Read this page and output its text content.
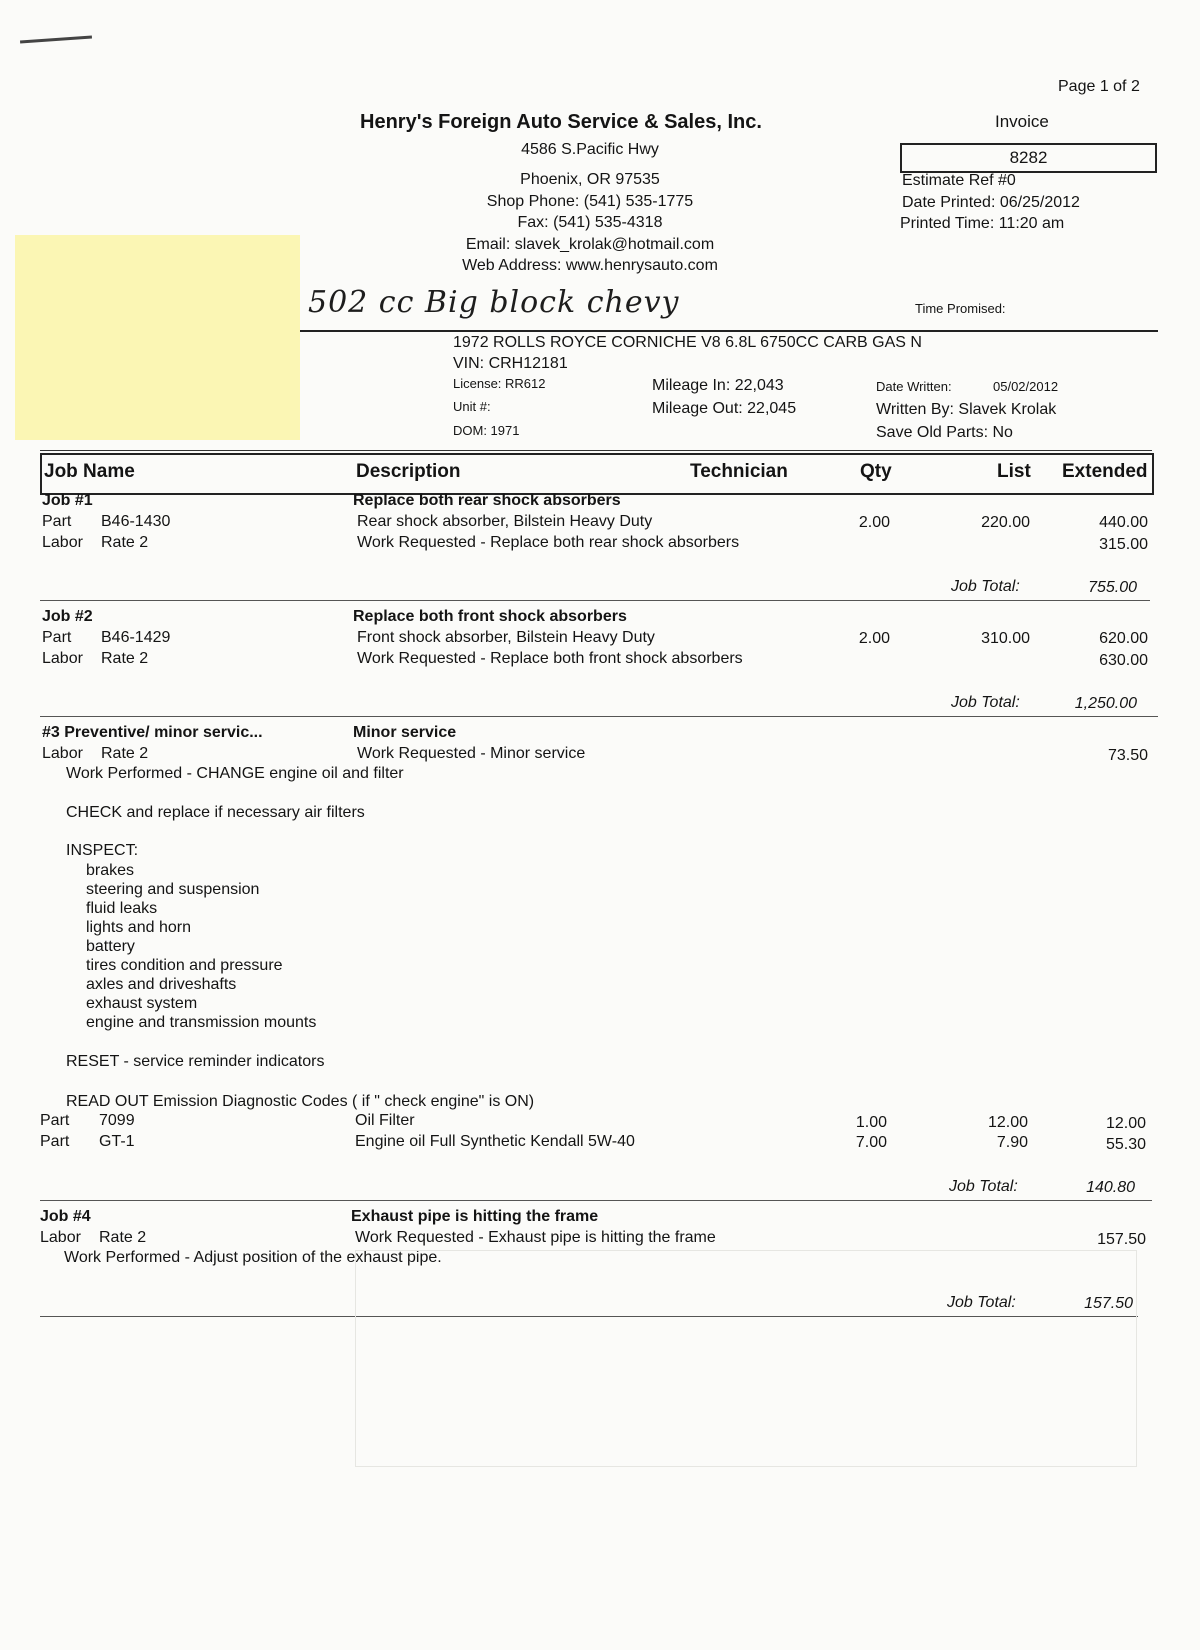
Page 1 of 2
Henry's Foreign Auto Service & Sales, Inc.
4586 S.Pacific Hwy
Phoenix, OR 97535
Shop Phone: (541) 535-1775
Fax: (541) 535-4318
Email: slavek_krolak@hotmail.com
Web Address: www.henrysauto.com
Invoice
8282
Estimate Ref #0
Date Printed: 06/25/2012
Printed Time: 11:20 am
502 cc Big block chevy	Time Promised:
1972 ROLLS ROYCE CORNICHE V8 6.8L 6750CC CARB GAS N
VIN: CRH12181
License: RR612
Unit #:
DOM: 1971
Mileage In: 22,043
Mileage Out: 22,045
Date Written:	05/02/2012
Written By: Slavek Krolak
Save Old Parts: No
Job Name	Description	Technician	Qty	List Extended
Job #1	Replace both rear shock absorbers
Part B46-1430	Rear shock absorber, Bilstein Heavy Duty	2.00	220.00	440.00
Labor Rate 2	Work Requested - Replace both rear shock absorbers	315.00
Job Total:	755.00
Job #2	Replace both front shock absorbers
Part B46-1429	Front shock absorber, Bilstein Heavy Duty	2.00	310.00	620.00
Labor Rate 2	Work Requested - Replace both front shock absorbers	630.00
Job Total:	1,250.00
#3 Preventive/ minor servic...	Minor service
Labor Rate 2	Work Requested - Minor service	73.50
Work Performed - CHANGE engine oil and filter
CHECK and replace if necessary air filters
INSPECT:
brakes
steering and suspension
fluid leaks
lights and horn
battery
tires condition and pressure
axles and driveshafts
exhaust system
engine and transmission mounts
RESET - service reminder indicators
READ OUT Emission Diagnostic Codes ( if " check engine" is ON)
Part 7099	Oil Filter	1.00	12.00	12.00
Part GT-1	Engine oil Full Synthetic Kendall 5W-40	7.00	7.90	55.30
Job Total:	140.80
Job #4	Exhaust pipe is hitting the frame
Labor Rate 2	Work Requested - Exhaust pipe is hitting the frame	157.50
Work Performed - Adjust position of the exhaust pipe.
Job Total:	157.50
